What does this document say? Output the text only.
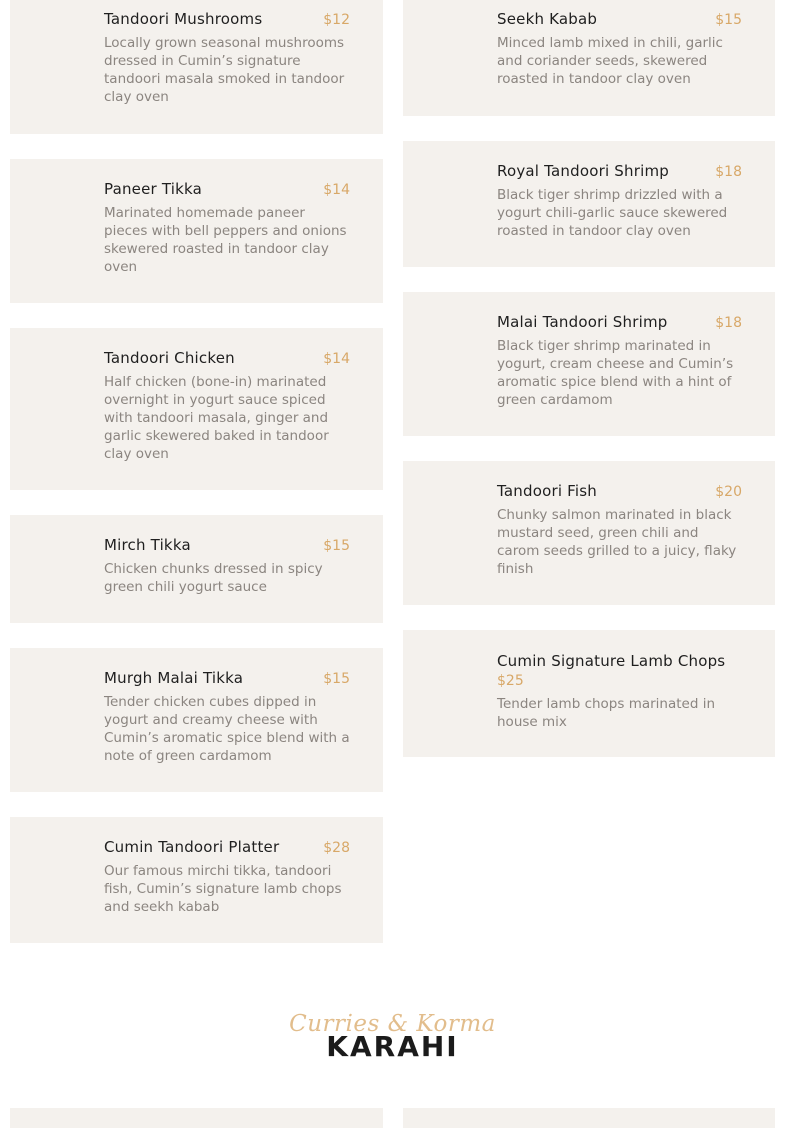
Tandoori Mushrooms	$12
Locally grown seasonal mushrooms dressed in Cumin’s signature tandoori masala smoked in tandoor clay oven
Paneer Tikka	$14
Marinated homemade paneer pieces with bell peppers and onions skewered roasted in tandoor clay oven
Tandoori Chicken	$14
Half chicken (bone-in) marinated overnight in yogurt sauce spiced with tandoori masala, ginger and garlic skewered baked in tandoor clay oven
Mirch Tikka	$15
Chicken chunks dressed in spicy green chili yogurt sauce
Murgh Malai Tikka	$15
Tender chicken cubes dipped in yogurt and creamy cheese with Cumin’s aromatic spice blend with a note of green cardamom
Cumin Tandoori Platter	$28
Our famous mirchi tikka, tandoori fish, Cumin’s signature lamb chops and seekh kabab
Seekh Kabab	$15
Minced lamb mixed in chili, garlic and coriander seeds, skewered roasted in tandoor clay oven
Royal Tandoori Shrimp	$18
Black tiger shrimp drizzled with a yogurt chili-garlic sauce skewered roasted in tandoor clay oven
Malai Tandoori Shrimp	$18
Black tiger shrimp marinated in yogurt, cream cheese and Cumin’s aromatic spice blend with a hint of green cardamom
Tandoori Fish	$20
Chunky salmon marinated in black mustard seed, green chili and carom seeds grilled to a juicy, flaky finish
Cumin Signature Lamb Chops
$25
Tender lamb chops marinated in house mix
Curries & Korma
KARAHI
